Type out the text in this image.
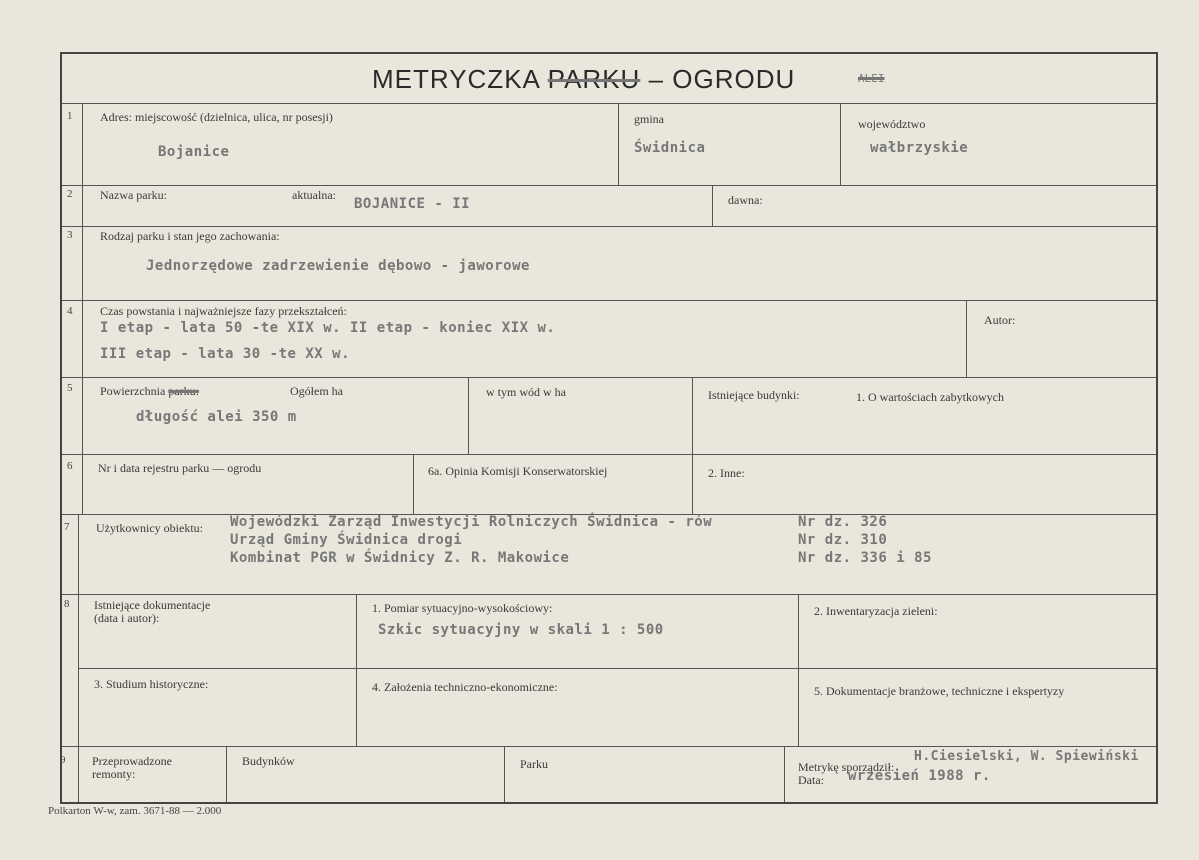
METRYCZKA PARKU – OGRODU	ALEI
1 Adres: miejscowość (dzielnica, ulica, nr posesji)
Bojanice
gmina
Świdnica
województwo
wałbrzyskie
2 Nazwa parku:	aktualna:
BOJANICE - II	dawna:
3 Rodzaj parku i stan jego zachowania:
Jednorzędowe zadrzewienie dębowo - jaworowe
4 Czas powstania i najważniejsze fazy przekształceń:
I etap - lata 50 -te XIX w. II etap - koniec XIX w.
III etap - lata 30 -te XX w.
Autor:
5 Powierzchnia parku:	Ogółem ha
długość alei 350 m
w tym wód w ha	Istniejące budynki:	1. O wartościach zabytkowych
6 Nr i data rejestru parku — ogrodu	6a. Opinia Komisji Konserwatorskiej	2. Inne:
7 Użytkownicy obiektu: Wojewódzki Zarząd Inwestycji Rolniczych Świdnica - rów	Nr dz. 326
Urząd Gminy Świdnica drogi	Nr dz. 310
Kombinat PGR w Świdnicy Z. R. Makowice	Nr dz. 336 i 85
8 Istniejące dokumentacje
(data i autor):
1. Pomiar sytuacyjno-wysokościowy:
Szkic sytuacyjny w skali 1 : 500
2. Inwentaryzacja zieleni:
3. Studium historyczne:	4. Założenia techniczno-ekonomiczne:	5. Dokumentacje branżowe, techniczne i ekspertyzy
9 Przeprowadzone
remonty:
Budynków	Parku	Metrykę sporządził:
H.Ciesielski, W. Spiewiński
Data: wrzesień 1988 r.
Polkarton W-w, zam. 3671-88 — 2.000
